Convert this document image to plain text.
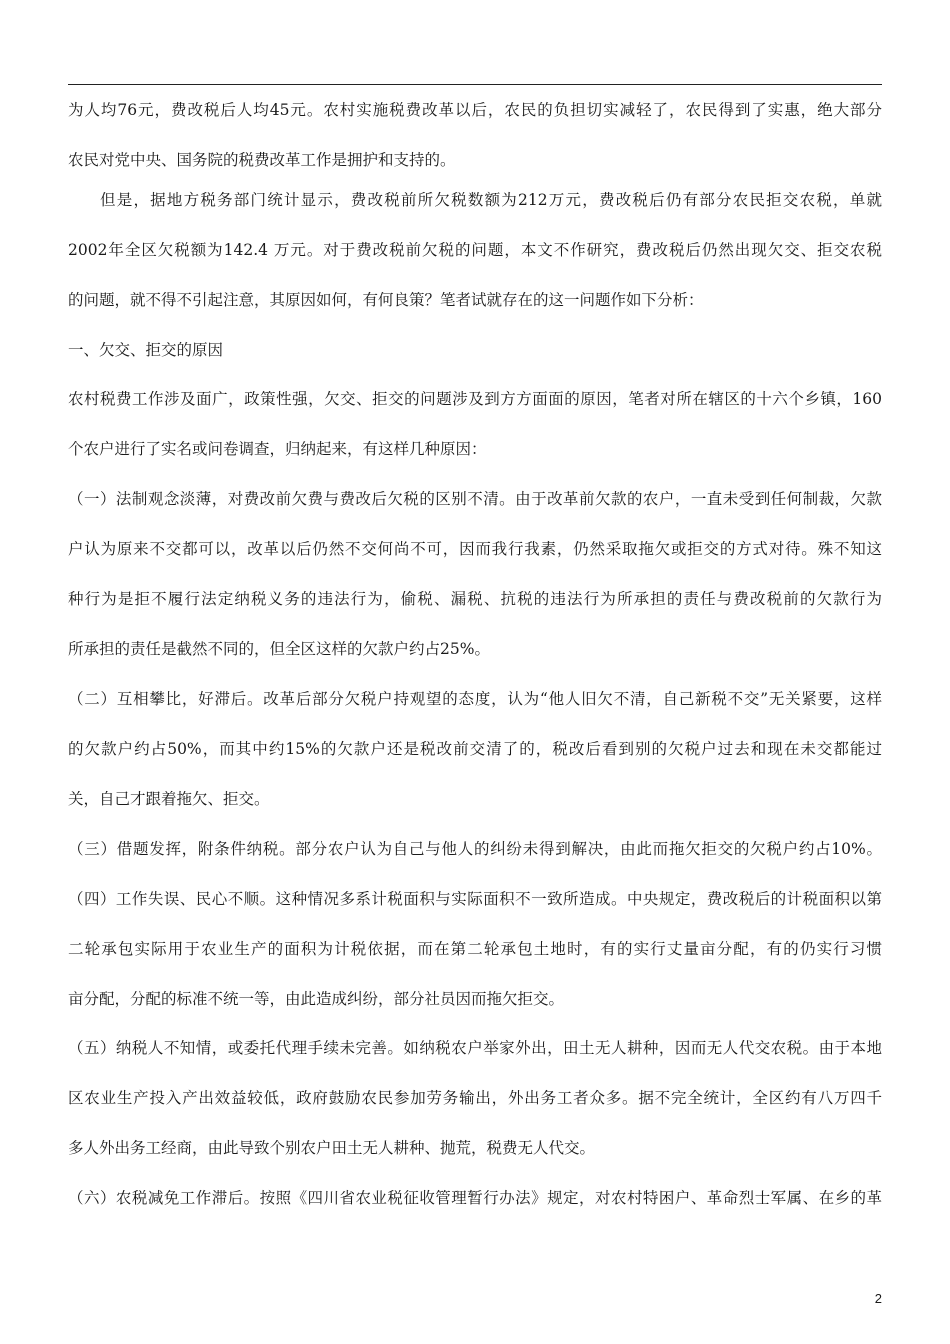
为人均76元，费改税后人均45元。农村实施税费改革以后，农民的负担切实减轻了，农民得到了实惠，绝大部分
农民对党中央、国务院的税费改革工作是拥护和支持的。
但是，据地方税务部门统计显示，费改税前所欠税数额为212万元，费改税后仍有部分农民拒交农税，单就
2002年全区欠税额为142.4 万元。对于费改税前欠税的问题，本文不作研究，费改税后仍然出现欠交、拒交农税
的问题，就不得不引起注意，其原因如何，有何良策？笔者试就存在的这一问题作如下分析：
一、欠交、拒交的原因
农村税费工作涉及面广，政策性强，欠交、拒交的问题涉及到方方面面的原因，笔者对所在辖区的十六个乡镇，160
个农户进行了实名或问卷调查，归纳起来，有这样几种原因：
（一）法制观念淡薄，对费改前欠费与费改后欠税的区别不清。由于改革前欠款的农户，一直未受到任何制裁，欠款
户认为原来不交都可以，改革以后仍然不交何尚不可，因而我行我素，仍然采取拖欠或拒交的方式对待。殊不知这
种行为是拒不履行法定纳税义务的违法行为，偷税、漏税、抗税的违法行为所承担的责任与费改税前的欠款行为
所承担的责任是截然不同的，但全区这样的欠款户约占25%。
（二）互相攀比，好滞后。改革后部分欠税户持观望的态度，认为“他人旧欠不清，自己新税不交”无关紧要，这样
的欠款户约占50%，而其中约15%的欠款户还是税改前交清了的，税改后看到别的欠税户过去和现在未交都能过
关，自己才跟着拖欠、拒交。
（三）借题发挥，附条件纳税。部分农户认为自己与他人的纠纷未得到解决，由此而拖欠拒交的欠税户约占10%。
（四）工作失误、民心不顺。这种情况多系计税面积与实际面积不一致所造成。中央规定，费改税后的计税面积以第
二轮承包实际用于农业生产的面积为计税依据，而在第二轮承包土地时，有的实行丈量亩分配，有的仍实行习惯
亩分配，分配的标准不统一等，由此造成纠纷，部分社员因而拖欠拒交。
（五）纳税人不知情，或委托代理手续未完善。如纳税农户举家外出，田土无人耕种，因而无人代交农税。由于本地
区农业生产投入产出效益较低，政府鼓励农民参加劳务输出，外出务工者众多。据不完全统计，全区约有八万四千
多人外出务工经商，由此导致个别农户田土无人耕种、抛荒，税费无人代交。
（六）农税减免工作滞后。按照《四川省农业税征收管理暂行办法》规定，对农村特困户、革命烈士军属、在乡的革
2
